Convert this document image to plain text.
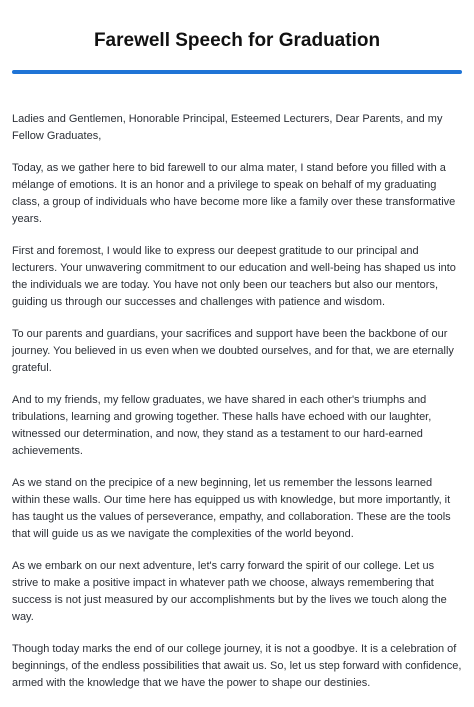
Farewell Speech for Graduation

Ladies and Gentlemen, Honorable Principal, Esteemed Lecturers, Dear Parents, and my Fellow Graduates,

Today, as we gather here to bid farewell to our alma mater, I stand before you filled with a mélange of emotions. It is an honor and a privilege to speak on behalf of my graduating class, a group of individuals who have become more like a family over these transformative years.

First and foremost, I would like to express our deepest gratitude to our principal and lecturers. Your unwavering commitment to our education and well-being has shaped us into the individuals we are today. You have not only been our teachers but also our mentors, guiding us through our successes and challenges with patience and wisdom.

To our parents and guardians, your sacrifices and support have been the backbone of our journey. You believed in us even when we doubted ourselves, and for that, we are eternally grateful.

And to my friends, my fellow graduates, we have shared in each other's triumphs and tribulations, learning and growing together. These halls have echoed with our laughter, witnessed our determination, and now, they stand as a testament to our hard-earned achievements.

As we stand on the precipice of a new beginning, let us remember the lessons learned within these walls. Our time here has equipped us with knowledge, but more importantly, it has taught us the values of perseverance, empathy, and collaboration. These are the tools that will guide us as we navigate the complexities of the world beyond.

As we embark on our next adventure, let's carry forward the spirit of our college. Let us strive to make a positive impact in whatever path we choose, always remembering that success is not just measured by our accomplishments but by the lives we touch along the way.

Though today marks the end of our college journey, it is not a goodbye. It is a celebration of beginnings, of the endless possibilities that await us. So, let us step forward with confidence, armed with the knowledge that we have the power to shape our destinies.
